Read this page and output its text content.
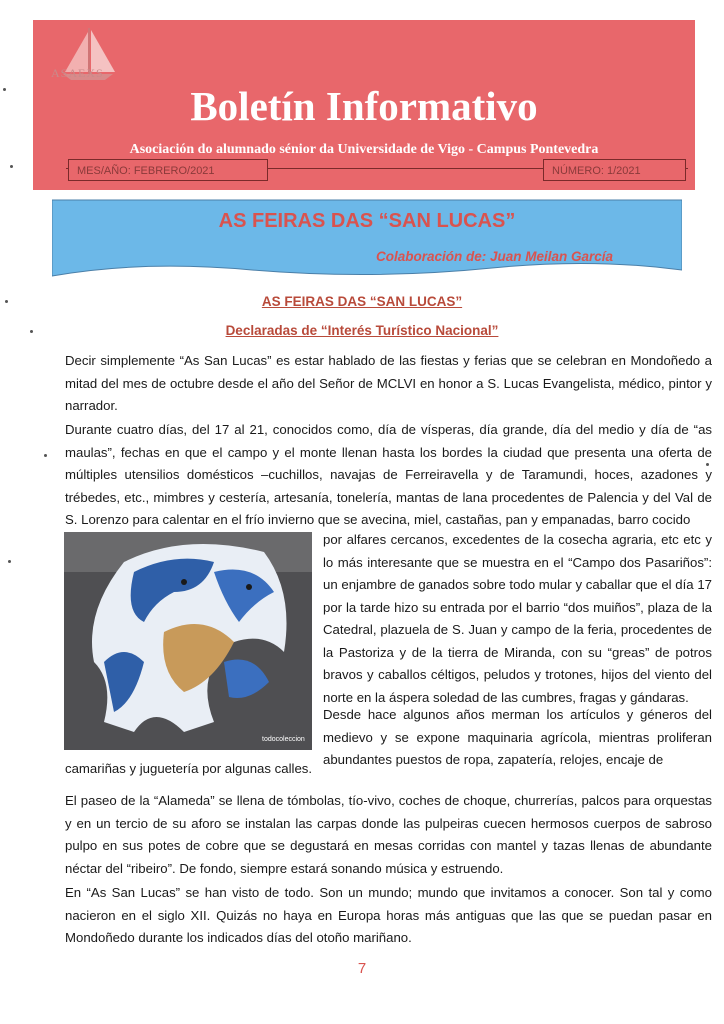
ASAEXS
Boletín Informativo
Asociación do alumnado sénior da Universidade de Vigo - Campus Pontevedra
MES/AÑO: FEBRERO/2021	NÚMERO: 1/2021
AS FEIRAS DAS “SAN LUCAS”
Colaboración de: Juan Meilan García
AS FEIRAS DAS “SAN LUCAS”
Declaradas de “Interés Turístico Nacional”

Decir simplemente “As San Lucas” es estar hablado de las fiestas y ferias que se celebran en Mondoñedo a mitad del mes de octubre desde el año del Señor de MCLVI en honor a S. Lucas Evangelista, médico, pintor y narrador.

Durante cuatro días, del 17 al 21, conocidos como, día de vísperas, día grande, día del medio y día de “as maulas”, fechas en que el campo y el monte llenan hasta los bordes la ciudad que presenta una oferta de múltiples utensilios domésticos –cuchillos, navajas de Ferreiravella y de Taramundi, hoces, azadones y trébedes, etc., mimbres y cestería, artesanía, tonelería, mantas de lana procedentes de Palencia y del Val de S. Lorenzo para calentar en el frío invierno que se avecina, miel, castañas, pan y empanadas, barro cocido

por alfares cercanos, excedentes de la cosecha agraria, etc etc y lo más interesante que se muestra en el “Campo dos Pasariños”: un enjambre de ganados sobre todo mular y caballar que el día 17 por la tarde hizo su entrada por el barrio “dos muiños”, plaza de la Catedral, plazuela de S. Juan y campo de la feria, procedentes de la Pastoriza y de la tierra de Miranda, con su “greas” de potros bravos y caballos céltigos, peludos y trotones, hijos del viento del norte en la áspera soledad de las cumbres, fragas y gándaras.

todocoleccion

Desde hace algunos años merman los artículos y géneros del medievo y se expone maquinaria agrícola, mientras proliferan abundantes puestos de ropa, zapatería, relojes, encaje de

camariñas y juguetería por algunas calles.

El paseo de la “Alameda” se llena de tómbolas, tío-vivo, coches de choque, churrerías, palcos para orquestas y en un tercio de su aforo se instalan las carpas donde las pulpeiras cuecen hermosos cuerpos de sabroso pulpo en sus potes de cobre que se degustará en mesas corridas con mantel y tazas llenas de abundante néctar del “ribeiro”. De fondo, siempre estará sonando música y estruendo.

En “As San Lucas” se han visto de todo. Son un mundo; mundo que invitamos a conocer. Son tal y como nacieron en el siglo XII. Quizás no haya en Europa horas más antiguas que las que se puedan pasar en Mondoñedo durante los indicados días del otoño mariñano.

7
